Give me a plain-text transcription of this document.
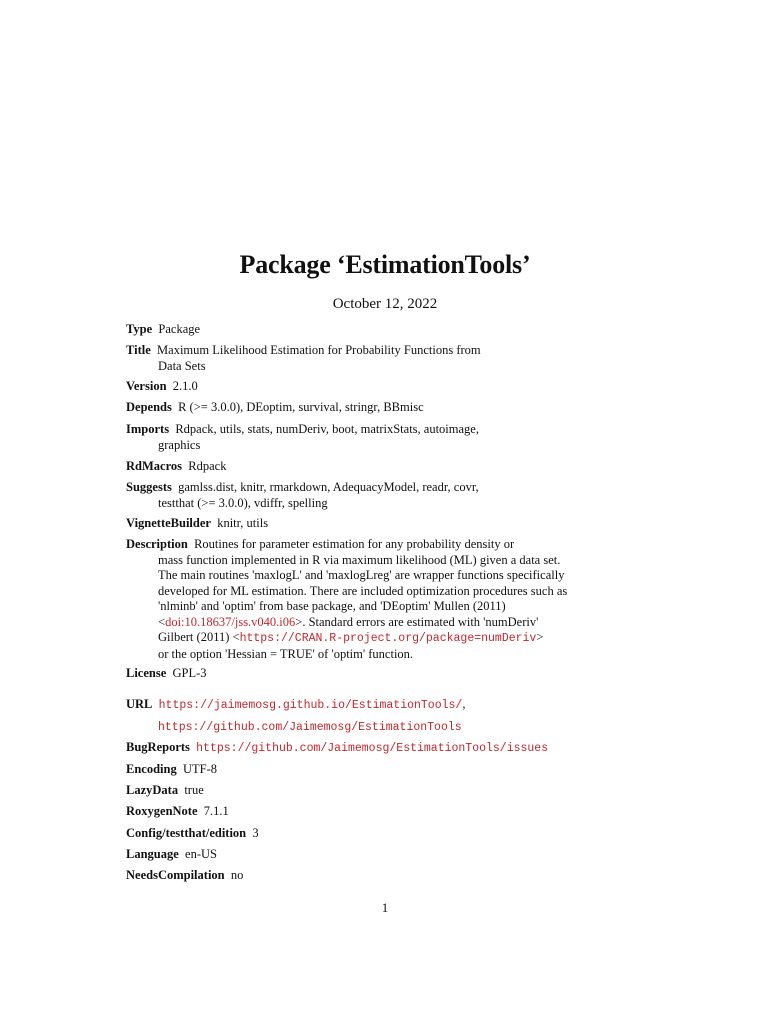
Package ‘EstimationTools’
October 12, 2022
Type Package
Title Maximum Likelihood Estimation for Probability Functions from
Data Sets
Version 2.1.0
Depends R (>= 3.0.0), DEoptim, survival, stringr, BBmisc
Imports Rdpack, utils, stats, numDeriv, boot, matrixStats, autoimage,
graphics
RdMacros Rdpack
Suggests gamlss.dist, knitr, rmarkdown, AdequacyModel, readr, covr,
testthat (>= 3.0.0), vdiffr, spelling
VignetteBuilder knitr, utils
Description Routines for parameter estimation for any probability density or
mass function implemented in R via maximum likelihood (ML) given a data set.
The main routines 'maxlogL' and 'maxlogLreg' are wrapper functions specifically
developed for ML estimation. There are included optimization procedures such as
'nlminb' and 'optim' from base package, and 'DEoptim' Mullen (2011)
<doi:10.18637/jss.v040.i06>. Standard errors are estimated with 'numDeriv'
Gilbert (2011) <https://CRAN.R-project.org/package=numDeriv>
or the option 'Hessian = TRUE' of 'optim' function.
License GPL-3
URL https://jaimemosg.github.io/EstimationTools/,
https://github.com/Jaimemosg/EstimationTools
BugReports https://github.com/Jaimemosg/EstimationTools/issues
Encoding UTF-8
LazyData true
RoxygenNote 7.1.1
Config/testthat/edition 3
Language en-US
NeedsCompilation no
1
